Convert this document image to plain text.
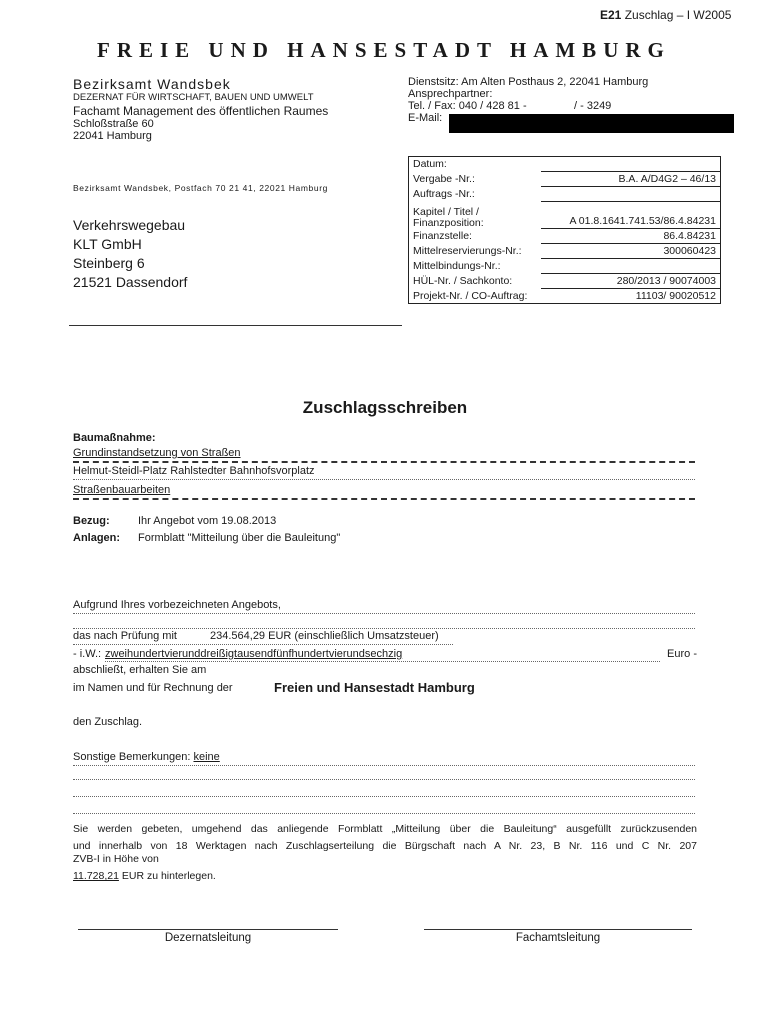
E21 Zuschlag – I W2005
FREIE UND HANSESTADT HAMBURG
Bezirksamt Wandsbek
DEZERNAT FÜR WIRTSCHAFT, BAUEN UND UMWELT
Fachamt Management des öffentlichen Raumes
Schloßstraße 60
22041 Hamburg
Dienstsitz: Am Alten Posthaus 2, 22041 Hamburg
Ansprechpartner:
Tel. / Fax: 040 / 428 81 -	/ - 3249
E-Mail:
Bezirksamt Wandsbek, Postfach 70 21 41, 22021 Hamburg
Verkehrswegebau
KLT GmbH
Steinberg 6
21521 Dassendorf
Datum:	
Vergabe -Nr.:	B.A. A/D4G2 – 46/13
Auftrags -Nr.:	

Kapitel / Titel /
Finanzposition:	A 01.8.1641.741.53/86.4.84231
Finanzstelle:	86.4.84231
Mittelreservierungs-Nr.:	300060423
Mittelbindungs-Nr.:	
HÜL-Nr. / Sachkonto:	280/2013 / 90074003
Projekt-Nr. / CO-Auftrag:	11103/ 90020512
Zuschlagsschreiben
Baumaßnahme:
Grundinstandsetzung von Straßen
Helmut-Steidl-Platz Rahlstedter Bahnhofsvorplatz
Straßenbauarbeiten
Bezug:	Ihr Angebot vom 19.08.2013
Anlagen: Formblatt "Mitteilung über die Bauleitung"
Aufgrund Ihres vorbezeichneten Angebots,
das nach Prüfung mit	234.564,29 EUR (einschließlich Umsatzsteuer)
- i.W.: zweihundertvierunddreißigtausendfünfhundertvierundsechzig	Euro -
abschließt, erhalten Sie am
im Namen und für Rechnung der	Freien und Hansestadt Hamburg
den Zuschlag.
Sonstige Bemerkungen: keine
Sie werden gebeten, umgehend das anliegende Formblatt „Mitteilung über die Bauleitung“ ausgefüllt zurückzusenden
und innerhalb von 18 Werktagen nach Zuschlagserteilung die Bürgschaft nach A Nr. 23, B Nr. 116 und C Nr. 207
ZVB-I in Höhe von
11.728,21 EUR zu hinterlegen.
Dezernatsleitung	Fachamtsleitung
